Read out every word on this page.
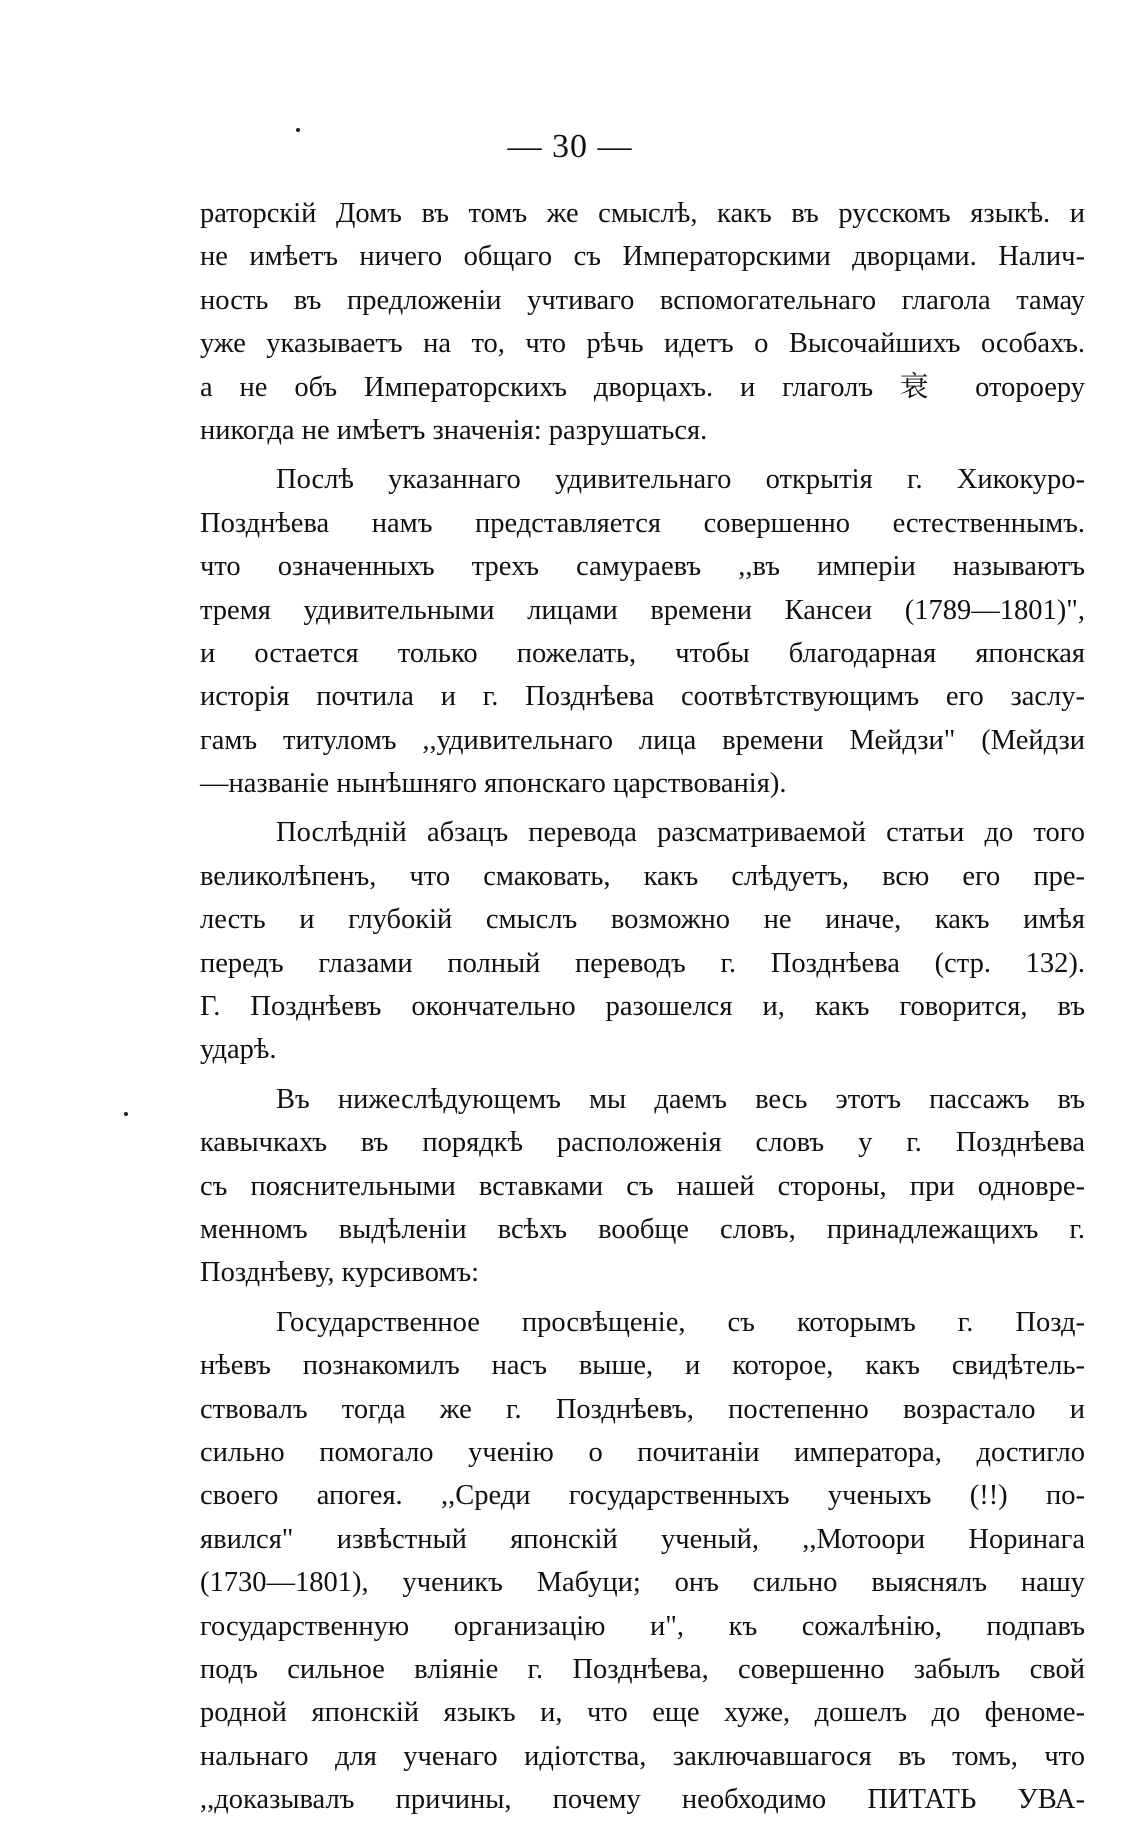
— 30 —
раторскій Домъ въ томъ же смыслѣ, какъ въ русскомъ языкѣ. и
не имѣетъ ничего общаго съ Императорскими дворцами. Налич-
ность въ предложеніи учтиваго вспомогательнаго глагола тамау
уже указываетъ на то, что рѣчь идетъ о Высочайшихъ особахъ.
а не объ Императорскихъ дворцахъ. и глаголъ 衰 отороеру
никогда не имѣетъ значенія: разрушаться.
Послѣ указаннаго удивительнаго открытія г. Хикокуро-
Позднѣева намъ представляется совершенно естественнымъ.
что означенныхъ трехъ самураевъ ,,въ имперіи называютъ
тремя удивительными лицами времени Кансеи (1789—1801)",
и остается только пожелать, чтобы благодарная японская
исторія почтила и г. Позднѣева соотвѣтствующимъ его заслу-
гамъ титуломъ ,,удивительнаго лица времени Мейдзи" (Мейдзи
—названіе нынѣшняго японскаго царствованія).
Послѣдній абзацъ перевода разсматриваемой статьи до того
великолѣпенъ, что смаковать, какъ слѣдуетъ, всю его пре-
лесть и глубокій смыслъ возможно не иначе, какъ имѣя
передъ глазами полный переводъ г. Позднѣева (стр. 132).
Г. Позднѣевъ окончательно разошелся и, какъ говорится, въ
ударѣ.
Въ нижеслѣдующемъ мы даемъ весь этотъ пассажъ въ
кавычкахъ въ порядкѣ расположенія словъ у г. Позднѣева
съ пояснительными вставками съ нашей стороны, при одновре-
менномъ выдѣленіи всѣхъ вообще словъ, принадлежащихъ г.
Позднѣеву, курсивомъ:
Государственное просвѣщеніе, съ которымъ г. Позд-
нѣевъ познакомилъ насъ выше, и которое, какъ свидѣтель-
ствовалъ тогда же г. Позднѣевъ, постепенно возрастало и
сильно помогало ученію о почитаніи императора, достигло
своего апогея. ,,Среди государственныхъ ученыхъ (!!) по-
явился" извѣстный японскій ученый, ,,Мотоори Норинага
(1730—1801), ученикъ Мабуци; онъ сильно выяснялъ нашу
государственную организацію и", къ сожалѣнію, подпавъ
подъ сильное вліяніе г. Позднѣева, совершенно забылъ свой
родной японскій языкъ и, что еще хуже, дошелъ до феноме-
нальнаго для ученаго идіотства, заключавшагося въ томъ, что
,,доказывалъ причины, почему необходимо ПИТАТЬ УВА-
